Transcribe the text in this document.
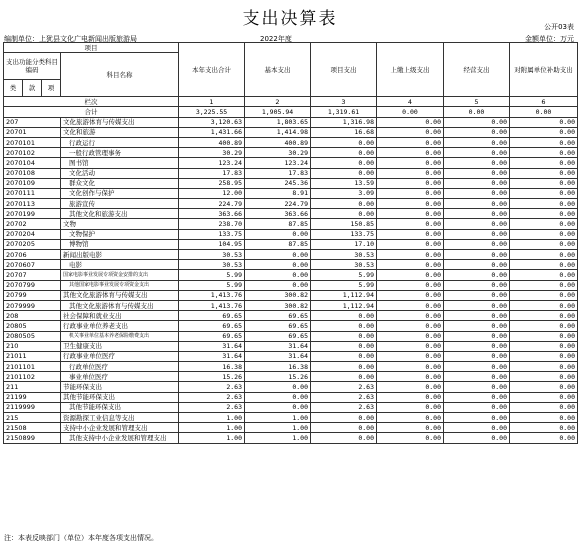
支出决算表	公开03表
编制单位：上犹县文化广电新闻出版旅游局	2022年度	金额单位：万元
项目				本年支出合计	基本支出	项目支出	上缴上级支出	经营支出	对附属单位补助支出
支出功能分类科目编码			科目名称						
类	款	项							
栏次				1	2	3	4	5	6
合计				3,225.55	1,905.94	1,319.61	0.00	0.00	0.00
207			文化旅游体育与传媒支出	3,120.63	1,803.65	1,316.98	0.00	0.00	0.00
20701			文化和旅游	1,431.66	1,414.98	16.68	0.00	0.00	0.00
2070101			行政运行	400.89	400.89	0.00	0.00	0.00	0.00
2070102			一般行政管理事务	30.29	30.29	0.00	0.00	0.00	0.00
2070104			图书馆	123.24	123.24	0.00	0.00	0.00	0.00
2070108			文化活动	17.83	17.83	0.00	0.00	0.00	0.00
2070109			群众文化	258.95	245.36	13.59	0.00	0.00	0.00
2070111			文化创作与保护	12.00	8.91	3.09	0.00	0.00	0.00
2070113			旅游宣传	224.79	224.79	0.00	0.00	0.00	0.00
2070199			其他文化和旅游支出	363.66	363.66	0.00	0.00	0.00	0.00
20702			文物	238.70	87.85	150.85	0.00	0.00	0.00
2070204			文物保护	133.75	0.00	133.75	0.00	0.00	0.00
2070205			博物馆	104.95	87.85	17.10	0.00	0.00	0.00
20706			新闻出版电影	30.53	0.00	30.53	0.00	0.00	0.00
2070607			电影	30.53	0.00	30.53	0.00	0.00	0.00
20707			国家电影事业发展专项资金安排的支出	5.99	0.00	5.99	0.00	0.00	0.00
2070799			其他国家电影事业发展专项资金支出	5.99	0.00	5.99	0.00	0.00	0.00
20799			其他文化旅游体育与传媒支出	1,413.76	300.82	1,112.94	0.00	0.00	0.00
2079999			其他文化旅游体育与传媒支出	1,413.76	300.82	1,112.94	0.00	0.00	0.00
208			社会保障和就业支出	69.65	69.65	0.00	0.00	0.00	0.00
20805			行政事业单位养老支出	69.65	69.65	0.00	0.00	0.00	0.00
2080505			机关事业单位基本养老保险缴费支出	69.65	69.65	0.00	0.00	0.00	0.00
210			卫生健康支出	31.64	31.64	0.00	0.00	0.00	0.00
21011			行政事业单位医疗	31.64	31.64	0.00	0.00	0.00	0.00
2101101			行政单位医疗	16.38	16.38	0.00	0.00	0.00	0.00
2101102			事业单位医疗	15.26	15.26	0.00	0.00	0.00	0.00
211			节能环保支出	2.63	0.00	2.63	0.00	0.00	0.00
21199			其他节能环保支出	2.63	0.00	2.63	0.00	0.00	0.00
2119999			其他节能环保支出	2.63	0.00	2.63	0.00	0.00	0.00
215			资源勘探工业信息等支出	1.00	1.00	0.00	0.00	0.00	0.00
21508			支持中小企业发展和管理支出	1.00	1.00	0.00	0.00	0.00	0.00
2150899			其他支持中小企业发展和管理支出	1.00	1.00	0.00	0.00	0.00	0.00
注：本表反映部门（单位）本年度各项支出情况。
